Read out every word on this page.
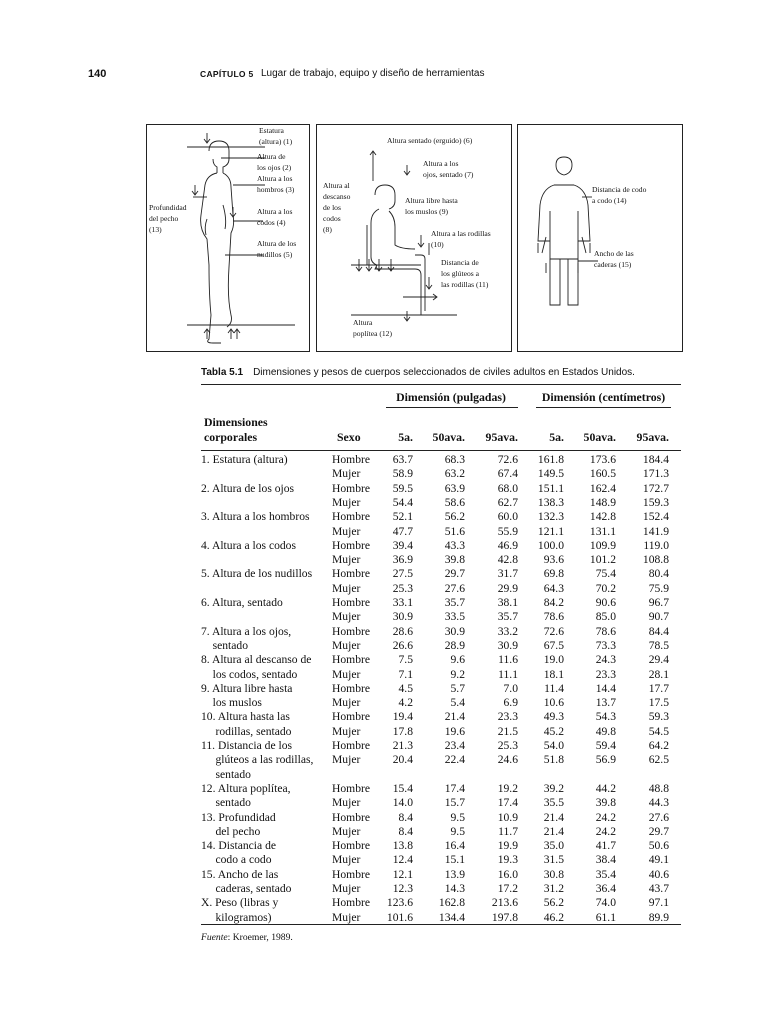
140	CAPÍTULO 5 Lugar de trabajo, equipo y diseño de herramientas
Estatura
(altura) (1)
Altura de
los ojos (2)
Altura a los
hombros (3)
Altura a los
codos (4)
Altura de los
nudillos (5)
Profundidad
del pecho
(13)
Altura sentado (erguido) (6)
Altura a los
ojos, sentado (7)
Altura al
descanso
de los
codos
(8)
Altura libre hasta
los muslos (9)
Altura a las rodillas
(10)
Distancia de
los glúteos a
las rodillas (11)
Altura
poplítea (12)
Distancia de codo
a codo (14)
Ancho de las
caderas (15)
Tabla 5.1 Dimensiones y pesos de cuerpos seleccionados de civiles adultos en Estados Unidos.
Dimensión (pulgadas)	Dimensión (centímetros)
Dimensiones
corporales	Sexo	5a.	50ava.	95ava.	5a.	50ava.	95ava.
1. Estatura (altura)	Hombre	63.7	68.3	72.6	161.8	173.6	184.4
Mujer	58.9	63.2	67.4	149.5	160.5	171.3
2. Altura de los ojos	Hombre	59.5	63.9	68.0	151.1	162.4	172.7
Mujer	54.4	58.6	62.7	138.3	148.9	159.3
3. Altura a los hombros Hombre	52.1	56.2	60.0	132.3	142.8	152.4
Mujer	47.7	51.6	55.9	121.1	131.1	141.9
4. Altura a los codos	Hombre	39.4	43.3	46.9	100.0	109.9	119.0
Mujer	36.9	39.8	42.8	93.6	101.2	108.8
5. Altura de los nudillos Hombre	27.5	29.7	31.7	69.8	75.4	80.4
Mujer	25.3	27.6	29.9	64.3	70.2	75.9
6. Altura, sentado	Hombre	33.1	35.7	38.1	84.2	90.6	96.7
Mujer	30.9	33.5	35.7	78.6	85.0	90.7
7. Altura a los ojos,	Hombre	28.6	30.9	33.2	72.6	78.6	84.4
sentado	Mujer	26.6	28.9	30.9	67.5	73.3	78.5
8. Altura al descanso de Hombre	7.5	9.6	11.6	19.0	24.3	29.4
los codos, sentado	Mujer	7.1	9.2	11.1	18.1	23.3	28.1
9. Altura libre hasta	Hombre	4.5	5.7	7.0	11.4	14.4	17.7
los muslos	Mujer	4.2	5.4	6.9	10.6	13.7	17.5
10. Altura hasta las	Hombre	19.4	21.4	23.3	49.3	54.3	59.3
rodillas, sentado	Mujer	17.8	19.6	21.5	45.2	49.8	54.5
11. Distancia de los	Hombre	21.3	23.4	25.3	54.0	59.4	64.2
glúteos a las rodillas, Mujer	20.4	22.4	24.6	51.8	56.9	62.5
sentado
12. Altura poplítea,	Hombre	15.4	17.4	19.2	39.2	44.2	48.8
sentado	Mujer	14.0	15.7	17.4	35.5	39.8	44.3
13. Profundidad	Hombre	8.4	9.5	10.9	21.4	24.2	27.6
del pecho	Mujer	8.4	9.5	11.7	21.4	24.2	29.7
14. Distancia de	Hombre	13.8	16.4	19.9	35.0	41.7	50.6
codo a codo	Mujer	12.4	15.1	19.3	31.5	38.4	49.1
15. Ancho de las	Hombre	12.1	13.9	16.0	30.8	35.4	40.6
caderas, sentado	Mujer	12.3	14.3	17.2	31.2	36.4	43.7
X. Peso (libras y	Hombre	123.6	162.8	213.6	56.2	74.0	97.1
kilogramos)	Mujer	101.6	134.4	197.8	46.2	61.1	89.9
Fuente: Kroemer, 1989.
